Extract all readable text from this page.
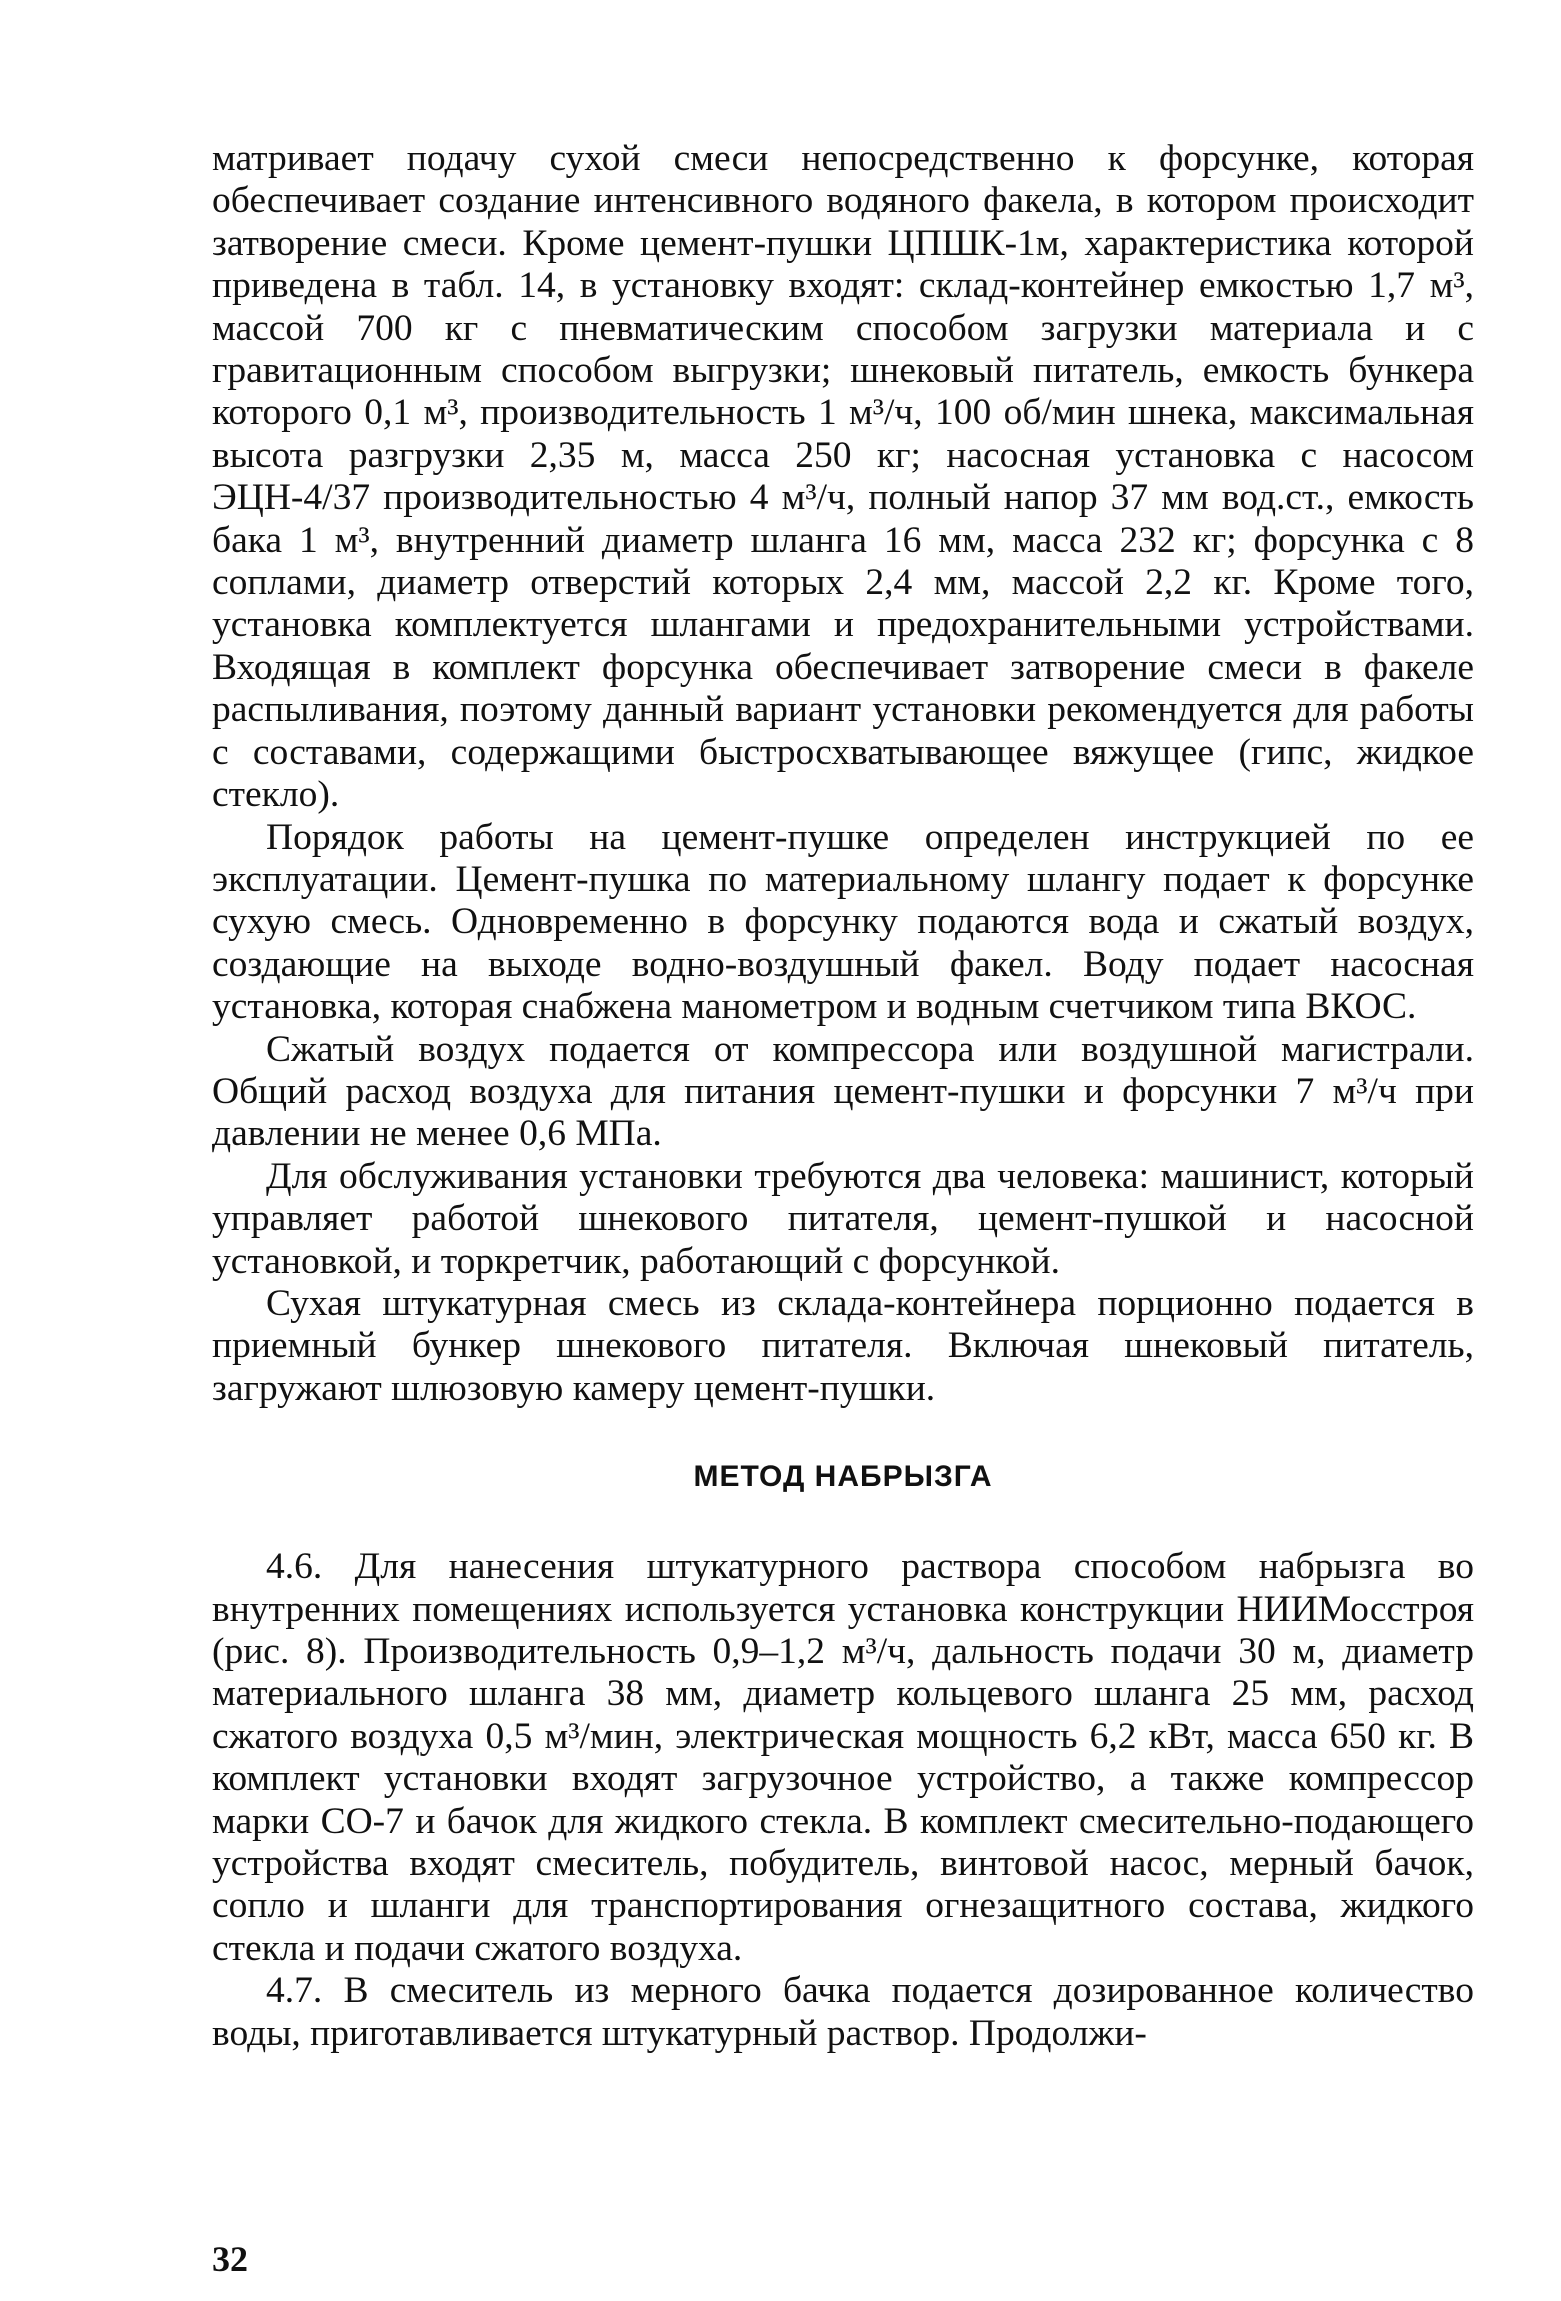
матривает подачу сухой смеси непосредственно к форсунке, которая обеспечивает создание интенсивного водяного факела, в котором происходит затворение смеси. Кроме цемент-пушки ЦПШК-1м, характеристика которой приведена в табл. 14, в установку входят: склад-контейнер емкостью 1,7 м³, массой 700 кг с пневматическим способом загрузки материала и с гравитационным способом выгрузки; шнековый питатель, емкость бункера которого 0,1 м³, производительность 1 м³/ч, 100 об/мин шнека, максимальная высота разгрузки 2,35 м, масса 250 кг; насосная установка с насосом ЭЦН-4/37 производительностью 4 м³/ч, полный напор 37 мм вод.ст., емкость бака 1 м³, внутренний диаметр шланга 16 мм, масса 232 кг; форсунка с 8 соплами, диаметр отверстий которых 2,4 мм, массой 2,2 кг. Кроме того, установка комплектуется шлангами и предохранительными устройствами. Входящая в комплект форсунка обеспечивает затворение смеси в факеле распыливания, поэтому данный вариант установки рекомендуется для работы с составами, содержащими быстросхватывающее вяжущее (гипс, жидкое стекло).

Порядок работы на цемент-пушке определен инструкцией по ее эксплуатации. Цемент-пушка по материальному шлангу подает к форсунке сухую смесь. Одновременно в форсунку подаются вода и сжатый воздух, создающие на выходе водно-воздушный факел. Воду подает насосная установка, которая снабжена манометром и водным счетчиком типа ВКОС.

Сжатый воздух подается от компрессора или воздушной магистрали. Общий расход воздуха для питания цемент-пушки и форсунки 7 м³/ч при давлении не менее 0,6 МПа.

Для обслуживания установки требуются два человека: машинист, который управляет работой шнекового питателя, цемент-пушкой и насосной установкой, и торкретчик, работающий с форсункой.

Сухая штукатурная смесь из склада-контейнера порционно подается в приемный бункер шнекового питателя. Включая шнековый питатель, загружают шлюзовую камеру цемент-пушки.

МЕТОД НАБРЫЗГА

4.6. Для нанесения штукатурного раствора способом набрызга во внутренних помещениях используется установка конструкции НИИМосстроя (рис. 8). Производительность 0,9–1,2 м³/ч, дальность подачи 30 м, диаметр материального шланга 38 мм, диаметр кольцевого шланга 25 мм, расход сжатого воздуха 0,5 м³/мин, электрическая мощность 6,2 кВт, масса 650 кг. В комплект установки входят загрузочное устройство, а также компрессор марки СО-7 и бачок для жидкого стекла. В комплект смесительно-подающего устройства входят смеситель, побудитель, винтовой насос, мерный бачок, сопло и шланги для транспортирования огнезащитного состава, жидкого стекла и подачи сжатого воздуха.

4.7. В смеситель из мерного бачка подается дозированное количество воды, приготавливается штукатурный раствор. Продолжи-

32
